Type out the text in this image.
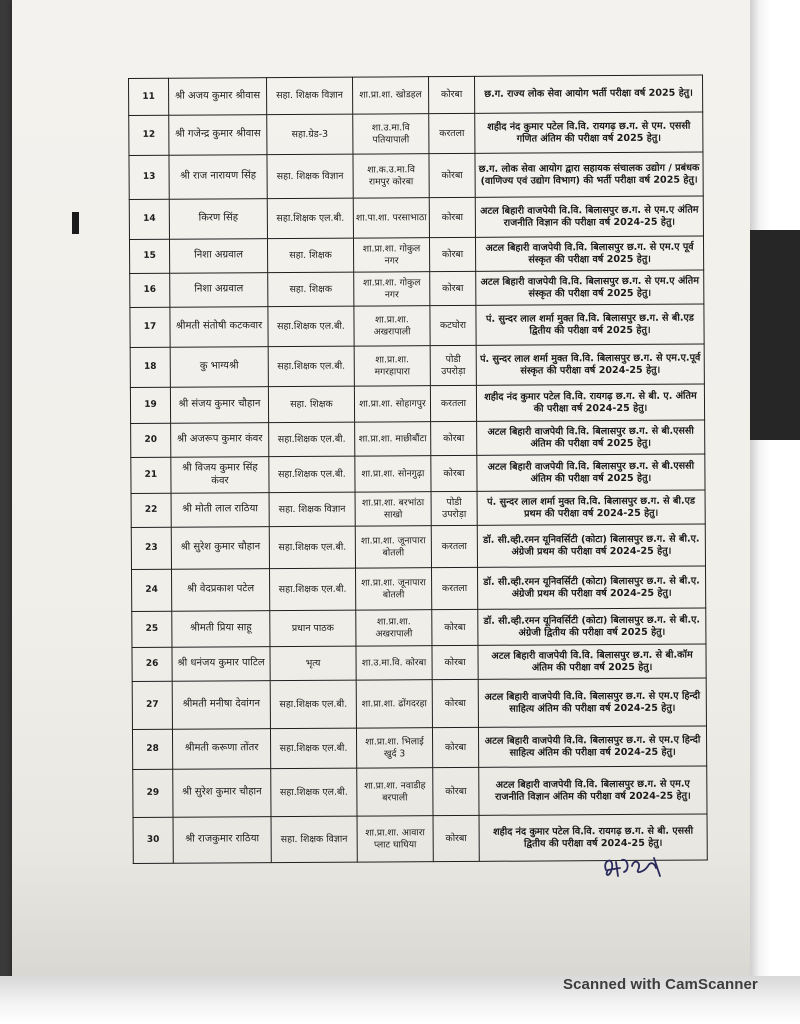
11	श्री अजय कुमार श्रीवास	सहा. शिक्षक विज्ञान	शा.प्रा.शा. खोडहल	कोरबा	छ.ग. राज्य लोक सेवा आयोग भर्ती परीक्षा वर्ष 2025 हेतु।
12	श्री गजेन्द्र कुमार श्रीवास	सहा.ग्रेड-3	शा.उ.मा.वि पतियापाली	करतला	शहीद नंद कुमार पटेल वि.वि. रायगढ़ छ.ग. से एम. एससी गणित अंतिम की परीक्षा वर्ष 2025 हेतु।
13	श्री राज नारायण सिंह	सहा. शिक्षक विज्ञान	शा.क.उ.मा.वि रामपुर कोरबा	कोरबा	छ.ग. लोक सेवा आयोग द्वारा सहायक संचालक उद्योग / प्रबंधक (वाणिज्य एवं उद्योग विभाग) की भर्ती परीक्षा वर्ष 2025 हेतु।
14	किरण सिंह	सहा.शिक्षक एल.बी.	शा.पा.शा. परसाभाठा	कोरबा	अटल बिहारी वाजपेयी वि.वि. बिलासपुर छ.ग. से एम.ए अंतिम राजनीति विज्ञान की परीक्षा वर्ष 2024-25 हेतु।
15	निशा अग्रवाल	सहा. शिक्षक	शा.प्रा.शा. गोकुल नगर	कोरबा	अटल बिहारी वाजपेयी वि.वि. बिलासपुर छ.ग. से एम.ए पूर्व संस्कृत की परीक्षा वर्ष 2025 हेतु।
16	निशा अग्रवाल	सहा. शिक्षक	शा.प्रा.शा. गोकुल नगर	कोरबा	अटल बिहारी वाजपेयी वि.वि. बिलासपुर छ.ग. से एम.ए अंतिम संस्कृत की परीक्षा वर्ष 2025 हेतु।
17	श्रीमती संतोषी कटकवार	सहा.शिक्षक एल.बी.	शा.प्रा.शा. अखरापाली	कटघोरा	पं. सुन्दर लाल शर्मा मुक्त वि.वि. बिलासपुर छ.ग. से बी.एड द्वितीय की परीक्षा वर्ष 2025 हेतु।
18	कु भाग्यश्री	सहा.शिक्षक एल.बी.	शा.प्रा.शा. मगरहापारा	पोडी उपरोड़ा	पं. सुन्दर लाल शर्मा मुक्त वि.वि. बिलासपुर छ.ग. से एम.ए.पूर्व संस्कृत की परीक्षा वर्ष 2024-25 हेतु।
19	श्री संजय कुमार चौहान	सहा. शिक्षक	शा.प्रा.शा. सोहागपुर	करतला	शहीद नंद कुमार पटेल वि.वि. रायगढ़ छ.ग. से बी. ए. अंतिम की परीक्षा वर्ष 2024-25 हेतु।
20	श्री अजरूप कुमार कंवर	सहा.शिक्षक एल.बी.	शा.प्रा.शा. माछीबौंटा	कोरबा	अटल बिहारी वाजपेयी वि.वि. बिलासपुर छ.ग. से बी.एससी अंतिम की परीक्षा वर्ष 2025 हेतु।
21	श्री विजय कुमार सिंह कंवर	सहा.शिक्षक एल.बी.	शा.प्रा.शा. सोनगुढ़ा	कोरबा	अटल बिहारी वाजपेयी वि.वि. बिलासपुर छ.ग. से बी.एससी अंतिम की परीक्षा वर्ष 2025 हेतु।
22	श्री मोती लाल राठिया	सहा. शिक्षक विज्ञान	शा.प्रा.शा. बरभांठा साखो	पोडी उपरोड़ा	पं. सुन्दर लाल शर्मा मुक्त वि.वि. बिलासपुर छ.ग. से बी.एड प्रथम की परीक्षा वर्ष 2024-25 हेतु।
23	श्री सुरेश कुमार चौहान	सहा.शिक्षक एल.बी.	शा.प्रा.शा. जूनापारा बोतली	करतला	डॉ. सी.व्ही.रमन यूनिवर्सिटी (कोटा) बिलासपुर छ.ग. से बी.ए. अंग्रेजी प्रथम की परीक्षा वर्ष 2024-25 हेतु।
24	श्री वेदप्रकाश पटेल	सहा.शिक्षक एल.बी.	शा.प्रा.शा. जूनापारा बोतली	करतला	डॉ. सी.व्ही.रमन यूनिवर्सिटी (कोटा) बिलासपुर छ.ग. से बी.ए. अंग्रेजी प्रथम की परीक्षा वर्ष 2024-25 हेतु।
25	श्रीमती प्रिया साहू	प्रधान पाठक	शा.प्रा.शा. अखरापाली	कोरबा	डॉ. सी.व्ही.रमन यूनिवर्सिटी (कोटा) बिलासपुर छ.ग. से बी.ए. अंग्रेजी द्वितीय की परीक्षा वर्ष 2025 हेतु।
26	श्री धनंजय कुमार पाटिल	भृत्य	शा.उ.मा.वि. कोरबा	कोरबा	अटल बिहारी वाजपेयी वि.वि. बिलासपुर छ.ग. से बी.कॉम अंतिम की परीक्षा वर्ष 2025 हेतु।
27	श्रीमती मनीषा देवांगन	सहा.शिक्षक एल.बी.	शा.प्रा.शा. ढोंगदरहा	कोरबा	अटल बिहारी वाजपेयी वि.वि. बिलासपुर छ.ग. से एम.ए हिन्दी साहित्य अंतिम की परीक्षा वर्ष 2024-25 हेतु।
28	श्रीमती करूणा तोंतर	सहा.शिक्षक एल.बी.	शा.प्रा.शा. भिलाई खुर्द 3	कोरबा	अटल बिहारी वाजपेयी वि.वि. बिलासपुर छ.ग. से एम.ए हिन्दी साहित्य अंतिम की परीक्षा वर्ष 2024-25 हेतु।
29	श्री सुरेश कुमार चौहान	सहा.शिक्षक एल.बी.	शा.प्रा.शा. नवाडीह बरपाली	कोरबा	अटल बिहारी वाजपेयी वि.वि. बिलासपुर छ.ग. से एम.ए राजनीति विज्ञान अंतिम की परीक्षा वर्ष 2024-25 हेतु।
30	श्री राजकुमार राठिया	सहा. शिक्षक विज्ञान	शा.प्रा.शा. आवारा प्लाट घाघिया	कोरबा	शहीद नंद कुमार पटेल वि.वि. रायगढ़ छ.ग. से बी. एससी द्वितीय की परीक्षा वर्ष 2024-25 हेतु।
Scanned with CamScanner
